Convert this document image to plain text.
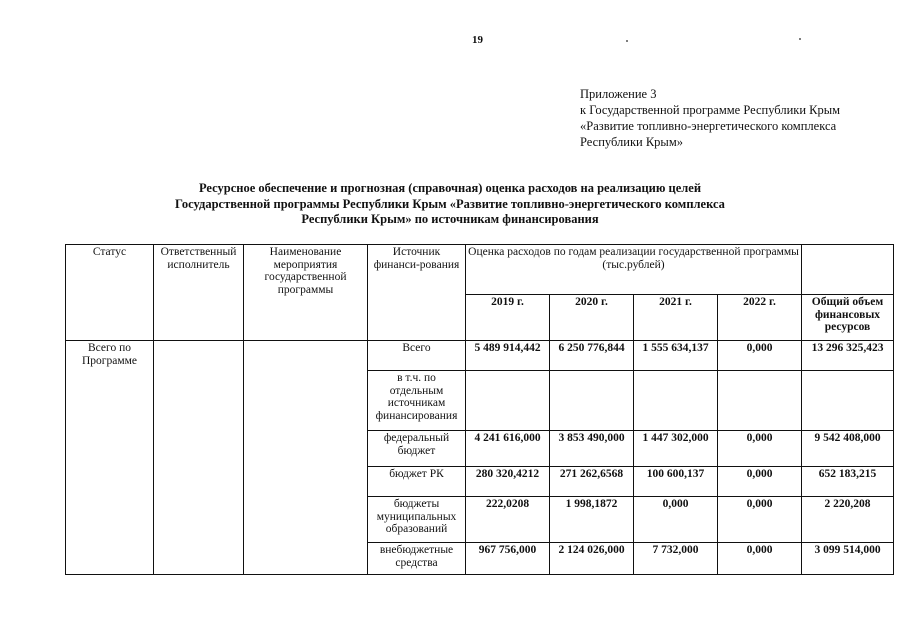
19
Приложение 3
к Государственной программе Республики Крым
«Развитие топливно-энергетического комплекса
Республики Крым»
Ресурсное обеспечение и прогнозная (справочная) оценка расходов на реализацию целей
Государственной программы Республики Крым «Развитие топливно-энергетического комплекса
Республики Крым» по источникам финансирования
Статус	Ответственный исполнитель	Наименование мероприятия государственной программы	Источник финанси-рования	Оценка расходов по годам реализации государственной программы (тыс.рублей)				
				2019 г.	2020 г.	2021 г.	2022 г.	Общий объем финансовых ресурсов
Всего по Программе			Всего	5 489 914,442	6 250 776,844	1 555 634,137	0,000	13 296 325,423
			в т.ч. по отдельным источникам финансирования					
			федеральный бюджет	4 241 616,000	3 853 490,000	1 447 302,000	0,000	9 542 408,000
			бюджет РК	280 320,4212	271 262,6568	100 600,137	0,000	652 183,215
			бюджеты муниципальных образований	222,0208	1 998,1872	0,000	0,000	2 220,208
			внебюджетные средства	967 756,000	2 124 026,000	7 732,000	0,000	3 099 514,000
